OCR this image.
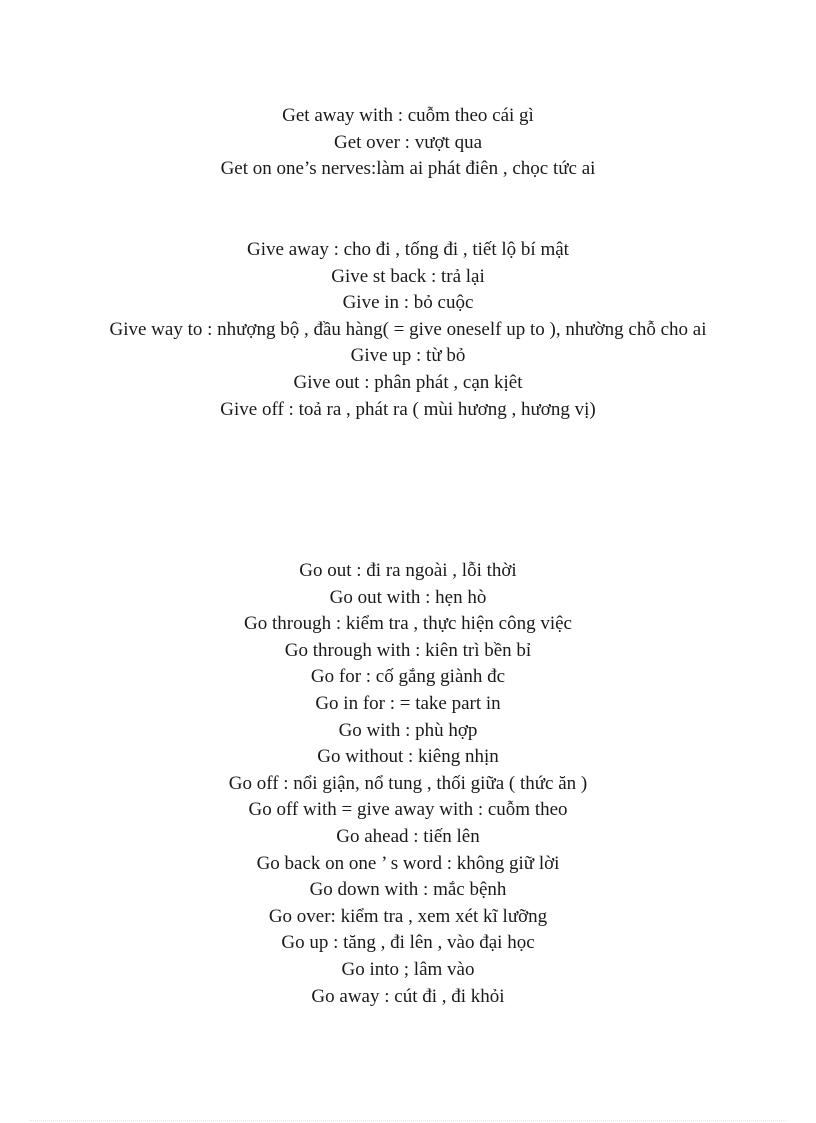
Get away with : cuỗm theo cái gì
Get over : vượt qua
Get on one’s nerves:làm ai phát điên , chọc tức ai
Give away : cho đi , tống đi , tiết lộ bí mật
Give st back : trả lại
Give in : bỏ cuộc
Give way to : nhượng bộ , đầu hàng( = give oneself up to ), nhường chỗ cho ai
Give up : từ bỏ
Give out : phân phát , cạn kịêt
Give off : toả ra , phát ra ( mùi hương , hương vị)
Go out : đi ra ngoài , lỗi thời
Go out with : hẹn hò
Go through : kiểm tra , thực hiện công việc
Go through with : kiên trì bền bỉ
Go for : cố gắng giành đc
Go in for : = take part in
Go with : phù hợp
Go without : kiêng nhịn
Go off : nổi giận, nổ tung , thối giữa ( thức ăn )
Go off with = give away with : cuỗm theo
Go ahead : tiến lên
Go back on one ’ s word : không giữ lời
Go down with : mắc bệnh
Go over: kiểm tra , xem xét kĩ lưỡng
Go up : tăng , đi lên , vào đại học
Go into ; lâm vào
Go away : cút đi , đi khỏi
